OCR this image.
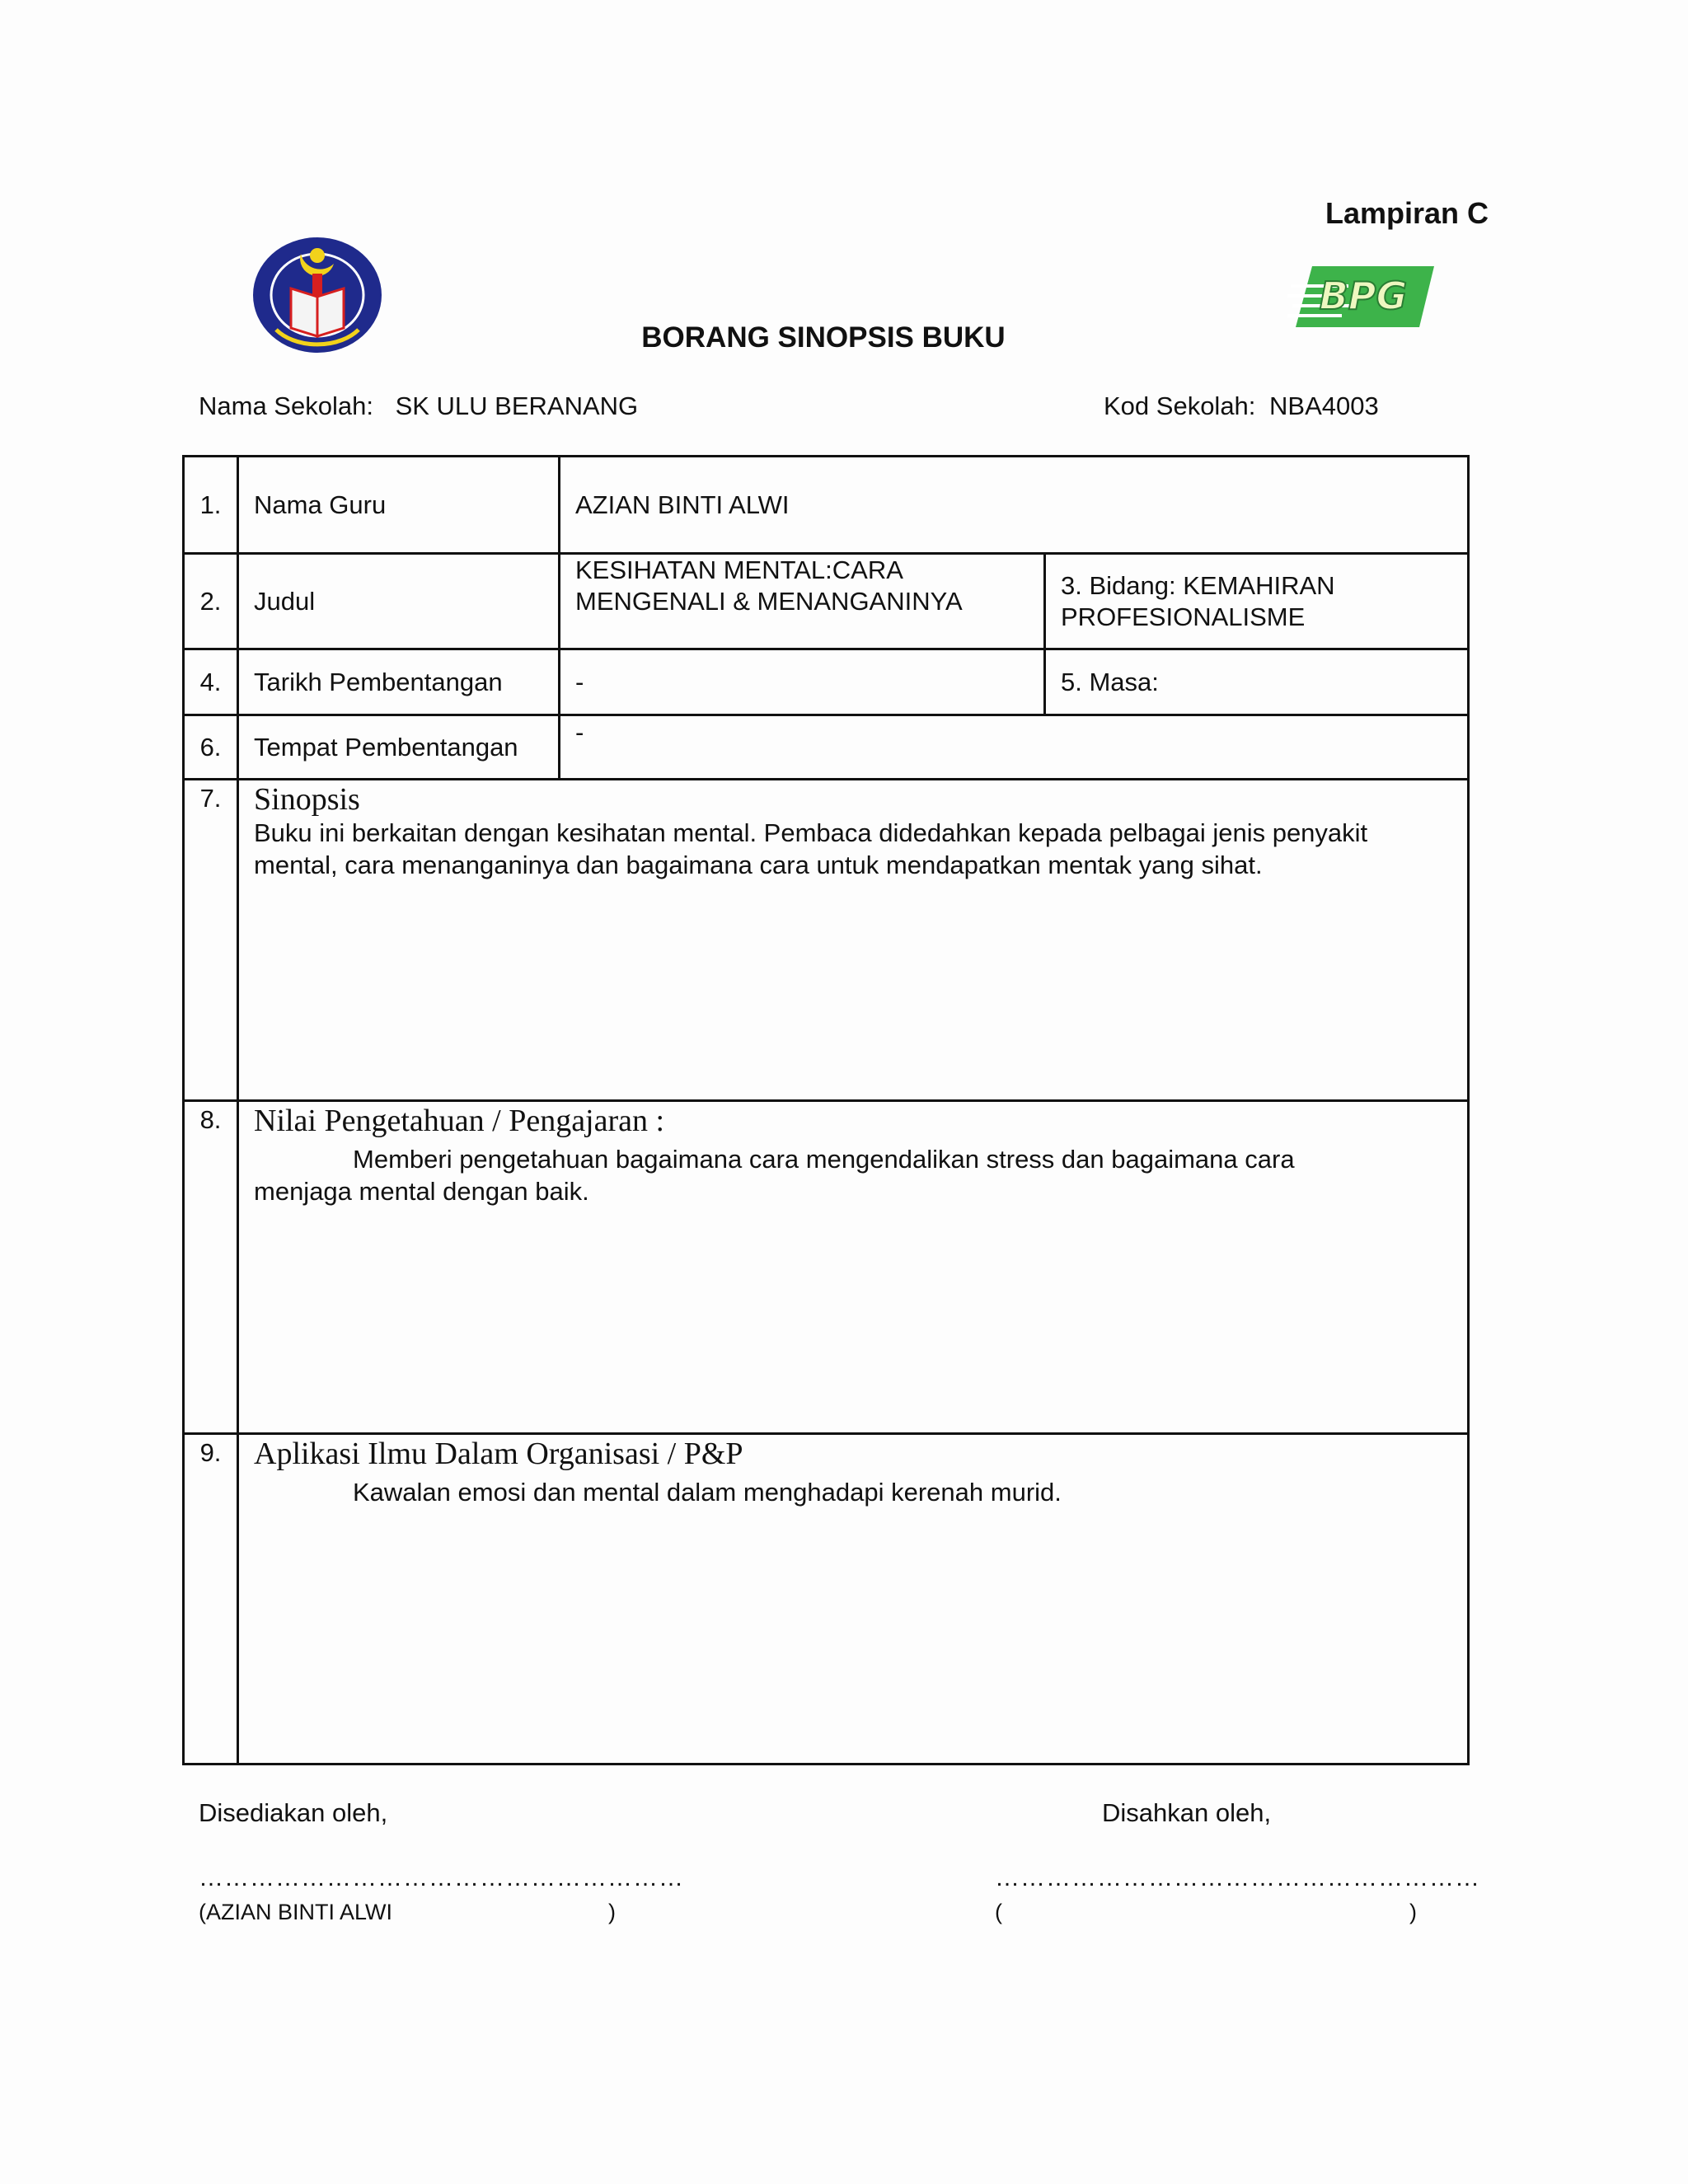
Lampiran C
BPG
BORANG SINOPSIS BUKU
Nama Sekolah: SK ULU BERANANG	Kod Sekolah: NBA4003
1.	Nama Guru	AZIAN BINTI ALWI	
2.	Judul	KESIHATAN MENTAL:CARA MENGENALI & MENANGANINYA	3. Bidang: KEMAHIRAN PROFESIONALISME
4.	Tarikh Pembentangan	-	5. Masa:
6.	Tempat Pembentangan	-	
7.	Sinopsis
Buku ini berkaitan dengan kesihatan mental. Pembaca didedahkan kepada pelbagai jenis penyakit mental, cara menanganinya dan bagaimana cara untuk mendapatkan mentak yang sihat.		

8.	Nilai Pengetahuan / Pengajaran :
Memberi pengetahuan bagaimana cara mengendalikan stress dan bagaimana cara menjaga mental dengan baik.		

9.	Aplikasi Ilmu Dalam Organisasi / P&P
Kawalan emosi dan mental dalam menghadapi kerenah murid.		
Disediakan oleh,	Disahkan oleh,
…………………………………………………	…………………………………………………
(AZIAN BINTI ALWI	)	(	)
